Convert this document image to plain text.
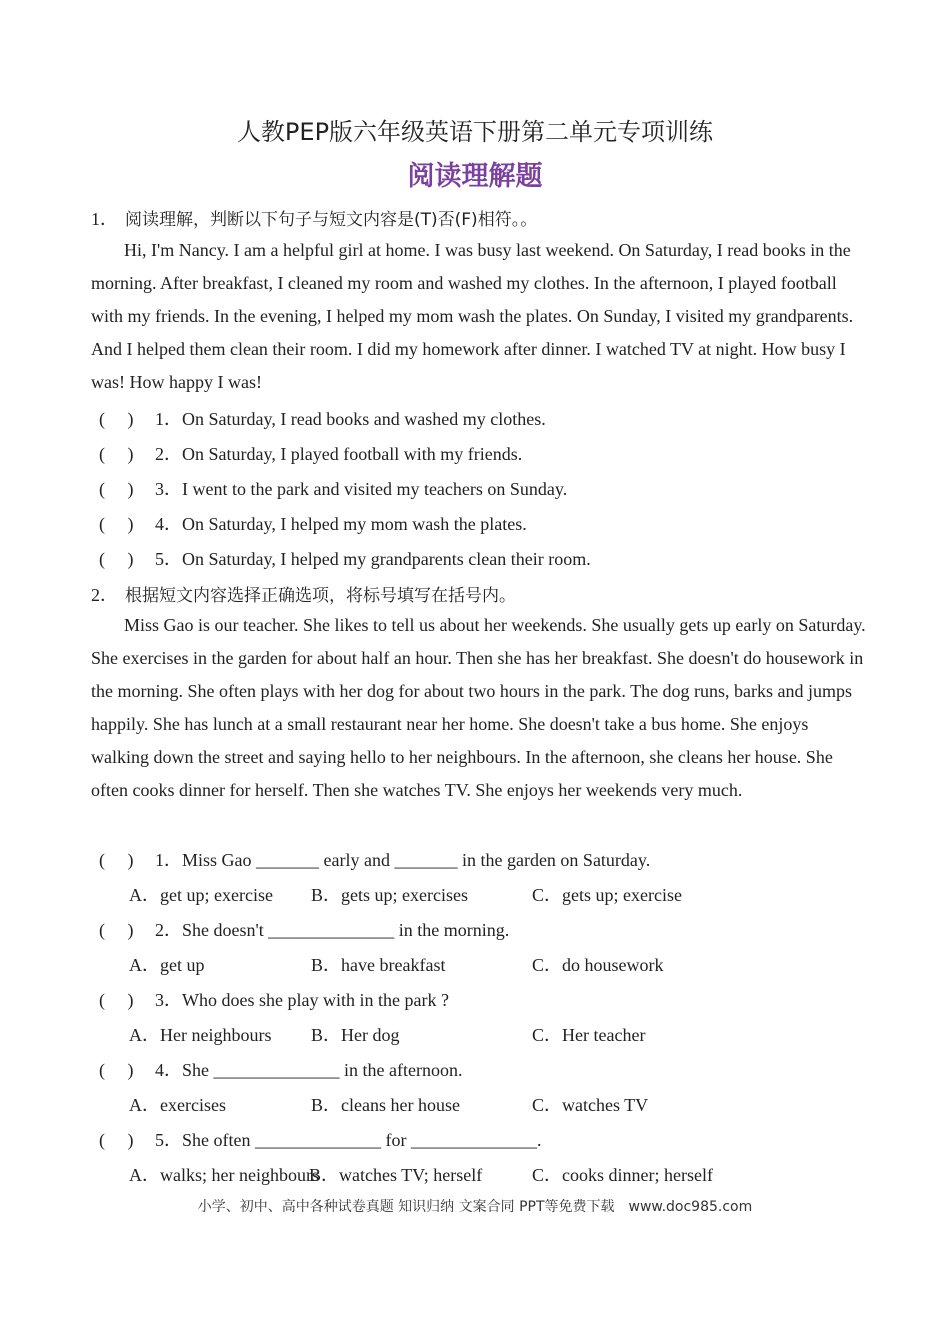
人教PEP版六年级英语下册第二单元专项训练
阅读理解题
1． 阅读理解，判断以下句子与短文内容是(T)否(F)相符。。

Hi, I'm Nancy. I am a helpful girl at home. I was busy last weekend. On Saturday, I read books in the morning. After breakfast, I cleaned my room and washed my clothes. In the afternoon, I played football with my friends. In the evening, I helped my mom wash the plates. On Sunday, I visited my grandparents. And I helped them clean their room. I did my homework after dinner. I watched TV at night. How busy I was! How happy I was!

(　 ) 1．On Saturday, I read books and washed my clothes.
(　 ) 2．On Saturday, I played football with my friends.
(　 ) 3．I went to the park and visited my teachers on Sunday.
(　 ) 4．On Saturday, I helped my mom wash the plates.
(　 ) 5．On Saturday, I helped my grandparents clean their room.
2． 根据短文内容选择正确选项，将标号填写在括号内。

Miss Gao is our teacher. She likes to tell us about her weekends. She usually gets up early on Saturday. She exercises in the garden for about half an hour. Then she has her breakfast. She doesn't do housework in the morning. She often plays with her dog for about two hours in the park. The dog runs, barks and jumps happily. She has lunch at a small restaurant near her home. She doesn't take a bus home. She enjoys walking down the street and saying hello to her neighbours. In the afternoon, she cleans her house. She often cooks dinner for herself. Then she watches TV. She enjoys her weekends very much.

(　 ) 1．Miss Gao _______ early and _______ in the garden on Saturday.
A．get up; exercise B．gets up; exercises	C．gets up; exercise
(　 ) 2．She doesn't ______________ in the morning.
A．get up	B．have breakfast	C．do housework
(　 ) 3．Who does she play with in the park ?
A．Her neighbours B．Her dog	C．Her teacher
(　 ) 4．She ______________ in the afternoon.
A．exercises	B．cleans her house	C．watches TV
(　 ) 5．She often ______________ for ______________.
A．walks; her neighbours
B．watches TV; herself	C．cooks dinner; herself
小学、初中、高中各种试卷真题 知识归纳 文案合同 PPT等免费下载　www.doc985.com
